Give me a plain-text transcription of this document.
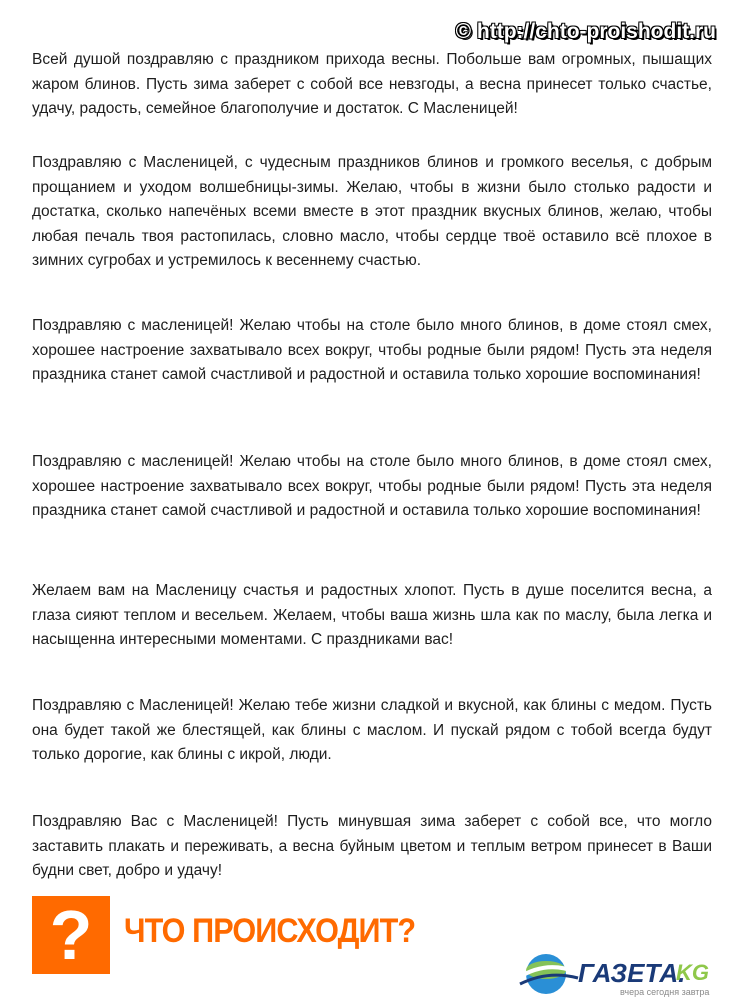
© http://chto-proishodit.ru

Всей душой поздравляю с праздником прихода весны. Побольше вам огромных, пышащих жаром блинов. Пусть зима заберет с собой все невзгоды, а весна принесет только счастье, удачу, радость, семейное благополучие и достаток. С Масленицей!

Поздравляю с Масленицей, с чудесным праздников блинов и громкого веселья, с добрым прощанием и уходом волшебницы-зимы. Желаю, чтобы в жизни было столько радости и достатка, сколько напечёных всеми вместе в этот праздник вкусных блинов, желаю, чтобы любая печаль твоя растопилась, словно масло, чтобы сердце твоё оставило всё плохое в зимних сугробах и устремилось к весеннему счастью.

Поздравляю с масленицей! Желаю чтобы на столе было много блинов, в доме стоял смех, хорошее настроение захватывало всех вокруг, чтобы родные были рядом! Пусть эта неделя праздника станет самой счастливой и радостной и оставила только хорошие воспоминания!

Поздравляю с масленицей! Желаю чтобы на столе было много блинов, в доме стоял смех, хорошее настроение захватывало всех вокруг, чтобы родные были рядом! Пусть эта неделя праздника станет самой счастливой и радостной и оставила только хорошие воспоминания!

Желаем вам на Масленицу счастья и радостных хлопот. Пусть в душе поселится весна, а глаза сияют теплом и весельем. Желаем, чтобы ваша жизнь шла как по маслу, была легка и насыщенна интересными моментами. С праздниками вас!

Поздравляю с Масленицей! Желаю тебе жизни сладкой и вкусной, как блины с медом. Пусть она будет такой же блестящей, как блины с маслом. И пускай рядом с тобой всегда будут только дорогие, как блины с икрой, люди.

Поздравляю Вас с Масленицей! Пусть минувшая зима заберет с собой все, что могло заставить плакать и переживать, а весна буйным цветом и теплым ветром принесет в Ваши будни свет, добро и удачу!

? ЧТО ПРОИСХОДИТ?
ГАЗЕТА.
KG
вчера сегодня завтра
